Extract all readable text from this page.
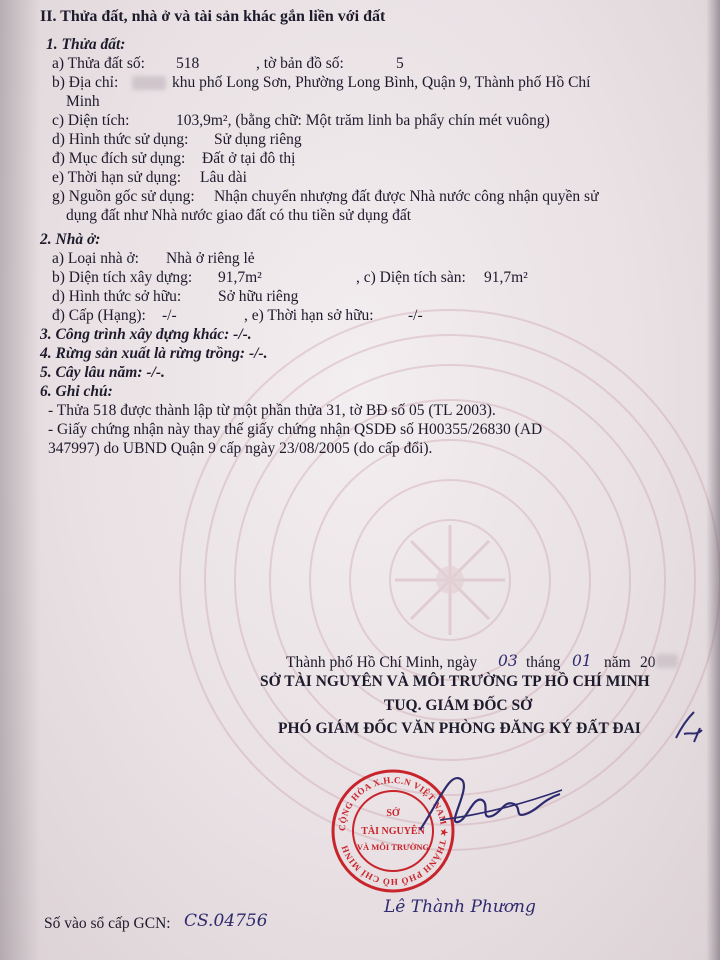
II. Thửa đất, nhà ở và tài sản khác gắn liền với đất
1. Thửa đất:
a) Thửa đất số: 518	, tờ bản đồ số:	5
b) Địa chỉ:	khu phố Long Sơn, Phường Long Bình, Quận 9, Thành phố Hồ Chí
Minh
c) Diện tích:	103,9m², (bằng chữ: Một trăm linh ba phẩy chín mét vuông)
d) Hình thức sử dụng: Sử dụng riêng
đ) Mục đích sử dụng: Đất ở tại đô thị
e) Thời hạn sử dụng: Lâu dài
g) Nguồn gốc sử dụng: Nhận chuyển nhượng đất được Nhà nước công nhận quyền sử
dụng đất như Nhà nước giao đất có thu tiền sử dụng đất
2. Nhà ở:
a) Loại nhà ở: Nhà ở riêng lẻ
b) Diện tích xây dựng: 91,7m²	, c) Diện tích sàn: 91,7m²
d) Hình thức sở hữu: Sở hữu riêng
đ) Cấp (Hạng): -/-	, e) Thời hạn sở hữu: -/-
3. Công trình xây dựng khác: -/-.
4. Rừng sản xuất là rừng trồng: -/-.
5. Cây lâu năm: -/-.
6. Ghi chú:
- Thửa 518 được thành lập từ một phần thửa 31, tờ BĐ số 05 (TL 2003).
- Giấy chứng nhận này thay thế giấy chứng nhận QSDĐ số H00355/26830 (AD
347997) do UBND Quận 9 cấp ngày 23/08/2005 (do cấp đổi).
Thành phố Hồ Chí Minh, ngày 03 tháng 01 năm 20
SỞ TÀI NGUYÊN VÀ MÔI TRƯỜNG TP HỒ CHÍ MINH
TUQ. GIÁM ĐỐC SỞ
PHÓ GIÁM ĐỐC VĂN PHÒNG ĐĂNG KÝ ĐẤT ĐAI
CỘNG HÒA X.H.C.N VIỆT NAM ★ THÀNH PHỐ HỒ CHÍ MINH
SỞ
TÀI NGUYÊN
VÀ MÔI TRƯỜNG
Lê Thành Phương
Số vào sổ cấp GCN: CS.04756
